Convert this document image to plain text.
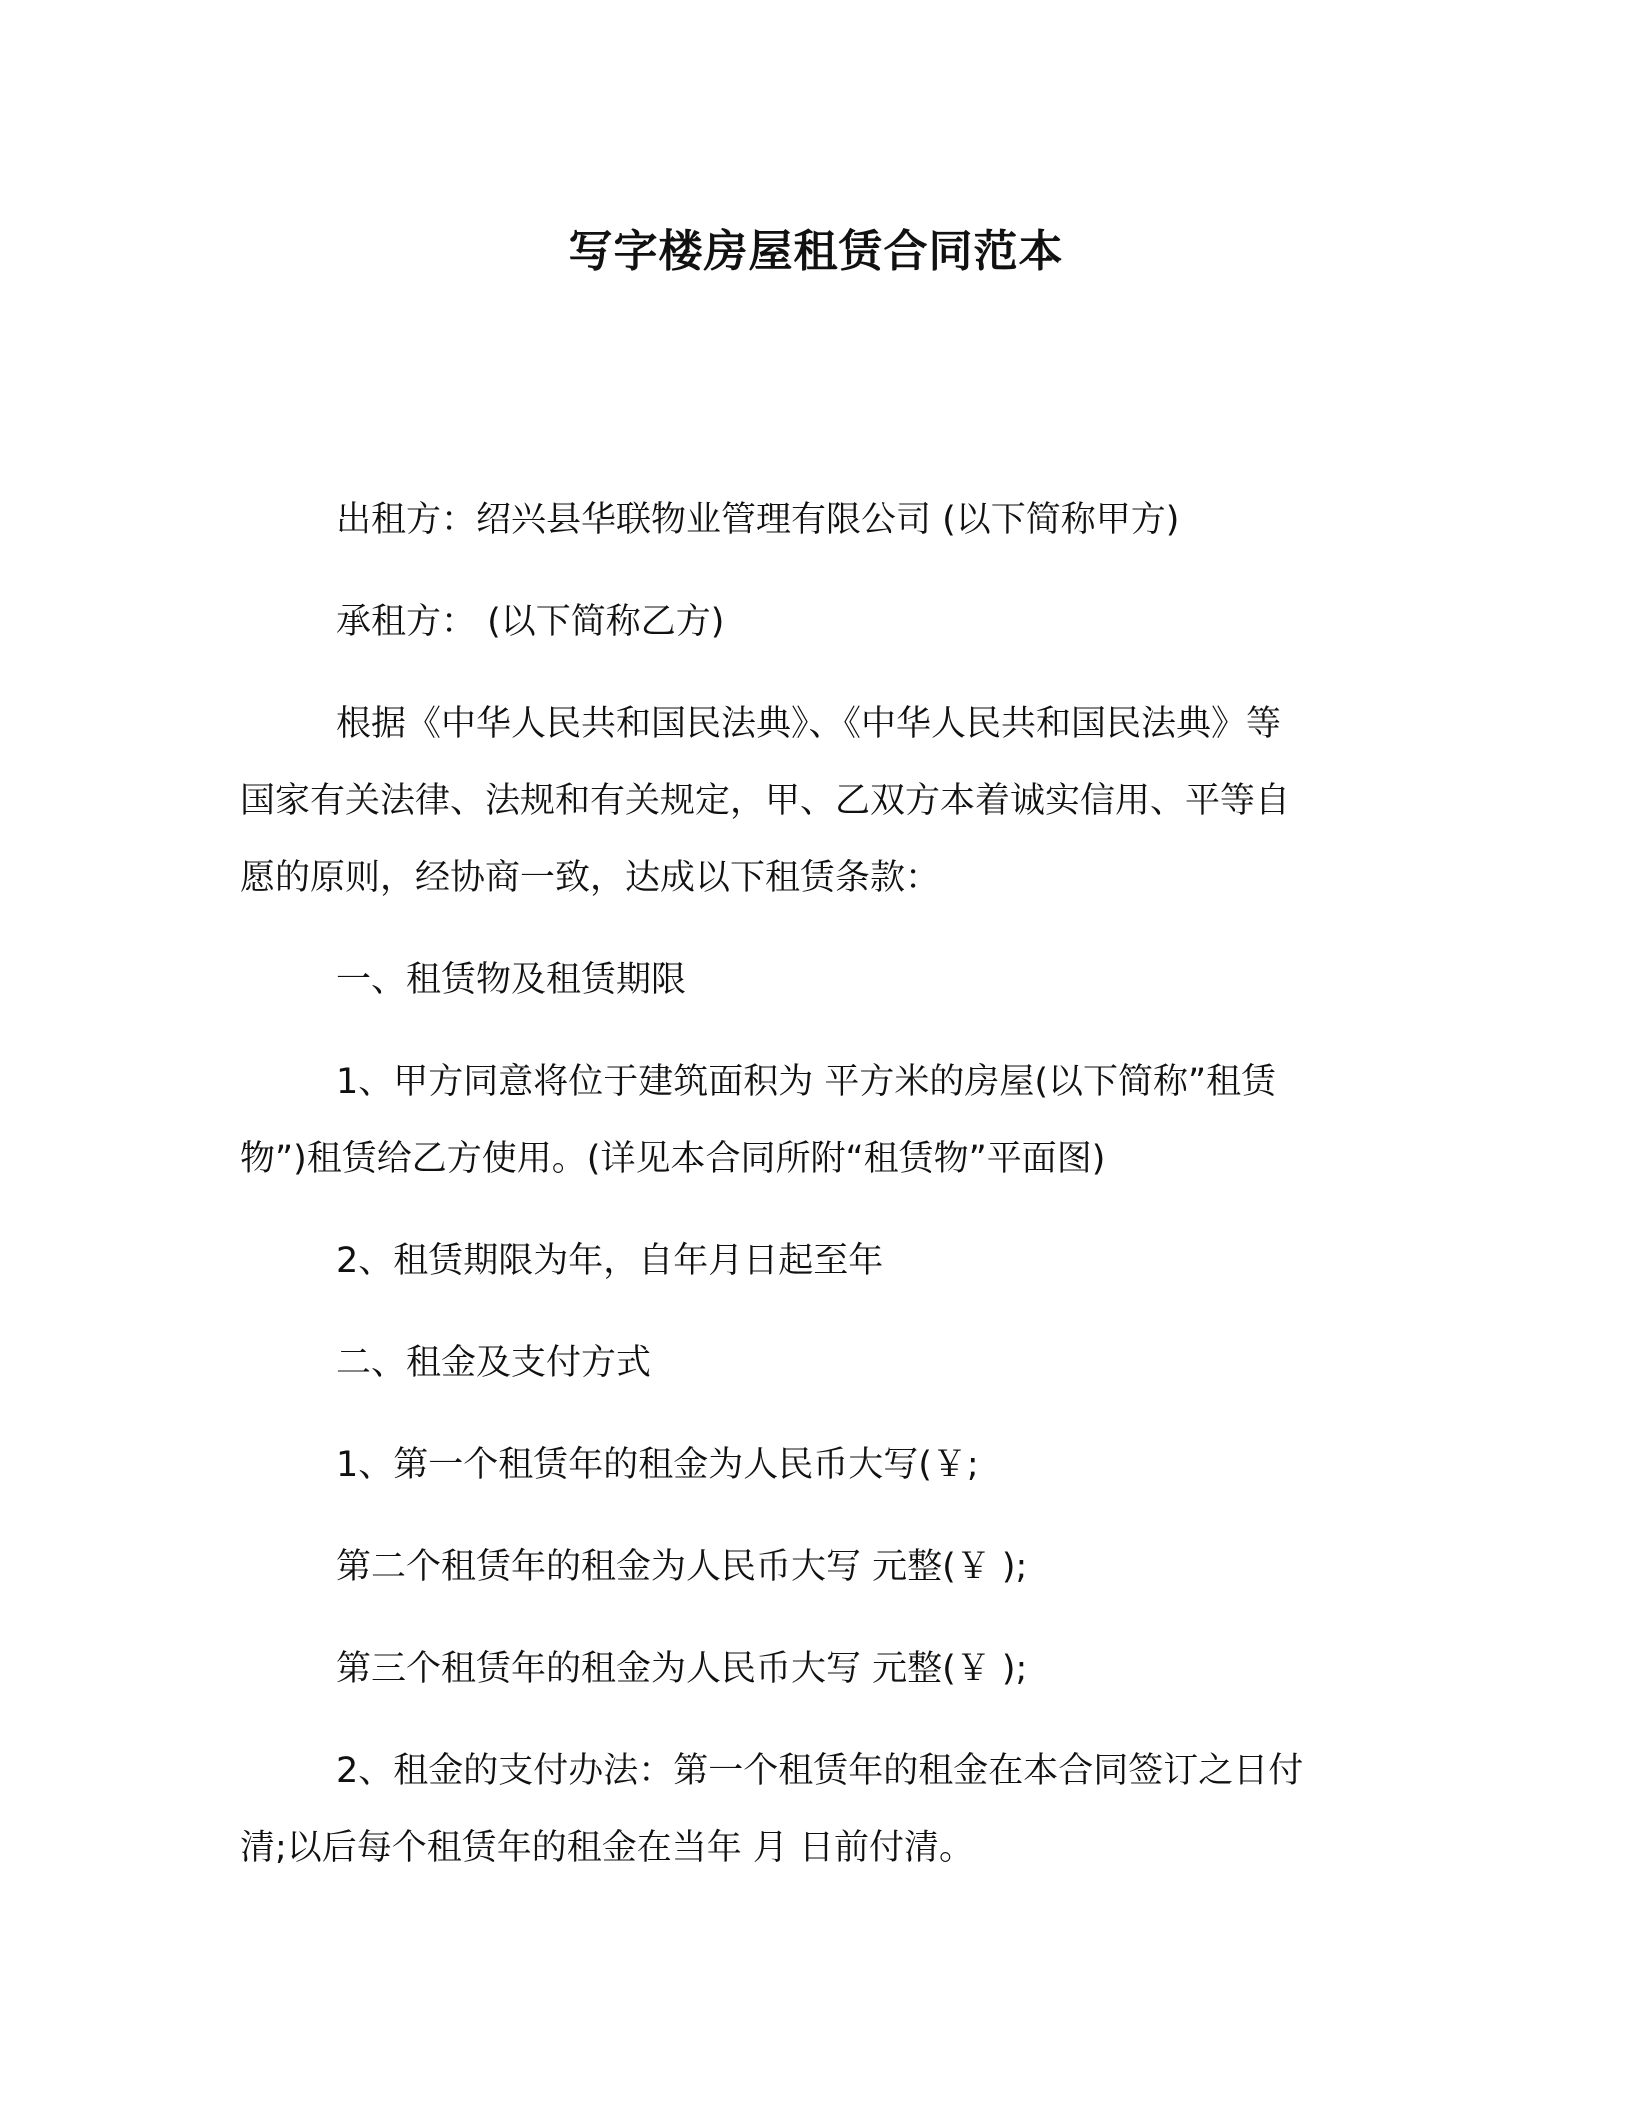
写字楼房屋租赁合同范本

出租方：绍兴县华联物业管理有限公司 (以下简称甲方)

承租方： (以下简称乙方)

根据《中华人民共和国民法典》、《中华人民共和国民法典》等

国家有关法律、法规和有关规定，甲、乙双方本着诚实信用、平等自

愿的原则，经协商一致，达成以下租赁条款：

一、租赁物及租赁期限

1、甲方同意将位于建筑面积为 平方米的房屋(以下简称”租赁

物”)租赁给乙方使用。(详见本合同所附“租赁物”平面图)

2、租赁期限为年，自年月日起至年

二、租金及支付方式

1、第一个租赁年的租金为人民币大写(￥;

第二个租赁年的租金为人民币大写 元整(￥ );

第三个租赁年的租金为人民币大写 元整(￥ );

2、租金的支付办法：第一个租赁年的租金在本合同签订之日付

清;以后每个租赁年的租金在当年 月 日前付清。
